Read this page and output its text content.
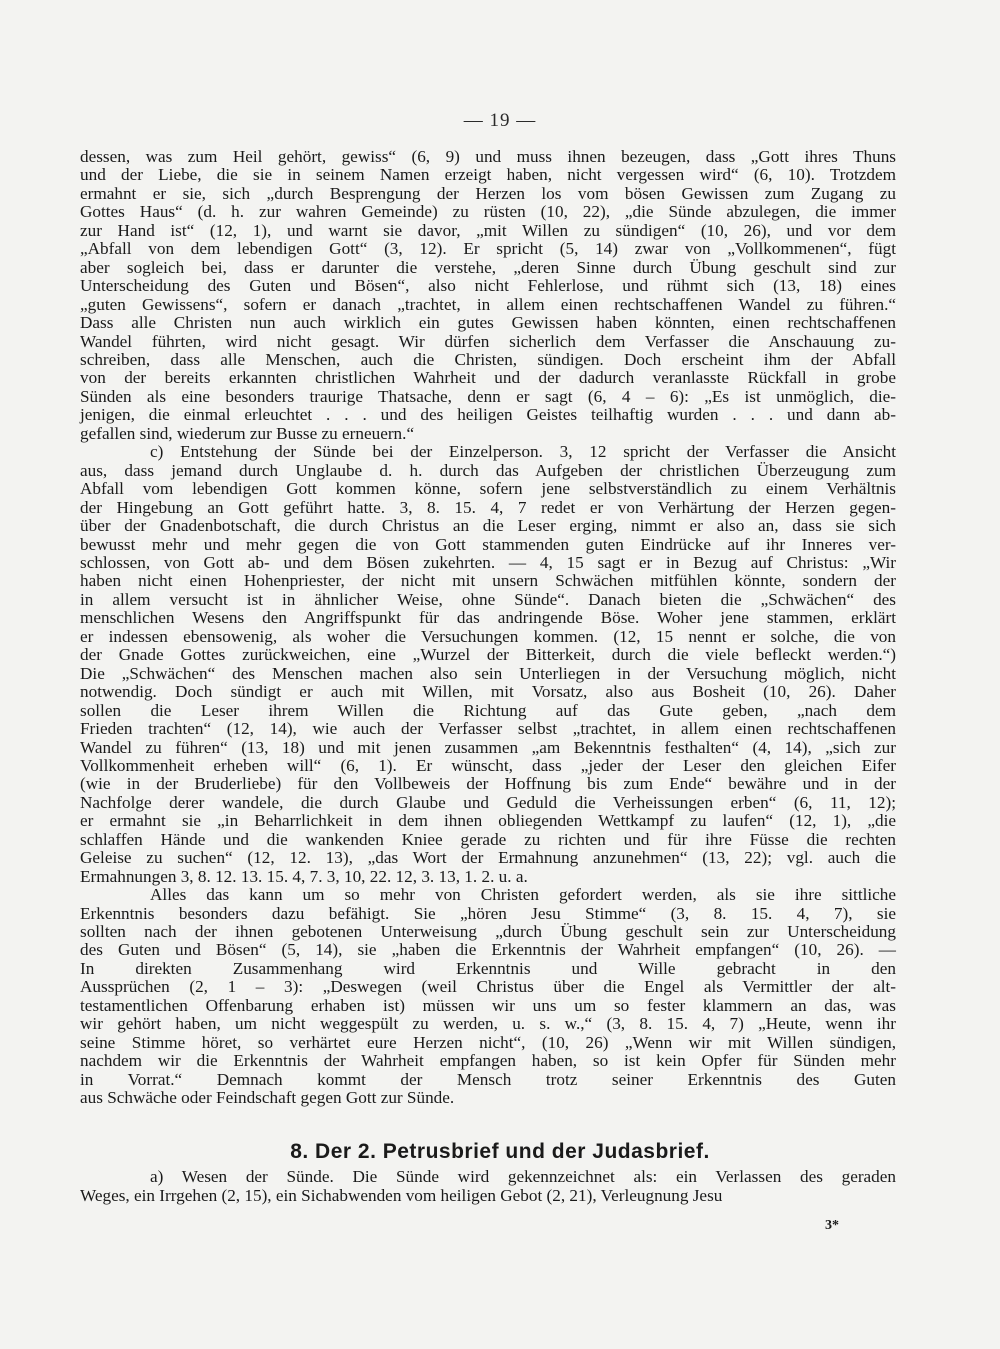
— 19 —
dessen, was zum Heil gehört, gewiss“ (6, 9) und muss ihnen bezeugen, dass „Gott ihres Thuns
und der Liebe, die sie in seinem Namen erzeigt haben, nicht vergessen wird“ (6, 10). Trotzdem
ermahnt er sie, sich „durch Besprengung der Herzen los vom bösen Gewissen zum Zugang zu
Gottes Haus“ (d. h. zur wahren Gemeinde) zu rüsten (10, 22), „die Sünde abzulegen, die immer
zur Hand ist“ (12, 1), und warnt sie davor, „mit Willen zu sündigen“ (10, 26), und vor dem
„Abfall von dem lebendigen Gott“ (3, 12). Er spricht (5, 14) zwar von „Vollkommenen“, fügt
aber sogleich bei, dass er darunter die verstehe, „deren Sinne durch Übung geschult sind zur
Unterscheidung des Guten und Bösen“, also nicht Fehlerlose, und rühmt sich (13, 18) eines
„guten Gewissens“, sofern er danach „trachtet, in allem einen rechtschaffenen Wandel zu führen.“
Dass alle Christen nun auch wirklich ein gutes Gewissen haben könnten, einen rechtschaffenen
Wandel führten, wird nicht gesagt. Wir dürfen sicherlich dem Verfasser die Anschauung zu-
schreiben, dass alle Menschen, auch die Christen, sündigen. Doch erscheint ihm der Abfall
von der bereits erkannten christlichen Wahrheit und der dadurch veranlasste Rückfall in grobe
Sünden als eine besonders traurige Thatsache, denn er sagt (6, 4 – 6): „Es ist unmöglich, die-
jenigen, die einmal erleuchtet . . . und des heiligen Geistes teilhaftig wurden . . . und dann ab-
gefallen sind, wiederum zur Busse zu erneuern.“
c) Entstehung der Sünde bei der Einzelperson. 3, 12 spricht der Verfasser die Ansicht
aus, dass jemand durch Unglaube d. h. durch das Aufgeben der christlichen Überzeugung zum
Abfall vom lebendigen Gott kommen könne, sofern jene selbstverständlich zu einem Verhältnis
der Hingebung an Gott geführt hatte. 3, 8. 15. 4, 7 redet er von Verhärtung der Herzen gegen-
über der Gnadenbotschaft, die durch Christus an die Leser erging, nimmt er also an, dass sie sich
bewusst mehr und mehr gegen die von Gott stammenden guten Eindrücke auf ihr Inneres ver-
schlossen, von Gott ab- und dem Bösen zukehrten. — 4, 15 sagt er in Bezug auf Christus: „Wir
haben nicht einen Hohenpriester, der nicht mit unsern Schwächen mitfühlen könnte, sondern der
in allem versucht ist in ähnlicher Weise, ohne Sünde“. Danach bieten die „Schwächen“ des
menschlichen Wesens den Angriffspunkt für das andringende Böse. Woher jene stammen, erklärt
er indessen ebensowenig, als woher die Versuchungen kommen. (12, 15 nennt er solche, die von
der Gnade Gottes zurückweichen, eine „Wurzel der Bitterkeit, durch die viele befleckt werden.“)
Die „Schwächen“ des Menschen machen also sein Unterliegen in der Versuchung möglich, nicht
notwendig. Doch sündigt er auch mit Willen, mit Vorsatz, also aus Bosheit (10, 26). Daher
sollen die Leser ihrem Willen die Richtung auf das Gute geben, „nach dem
Frieden trachten“ (12, 14), wie auch der Verfasser selbst „trachtet, in allem einen rechtschaffenen
Wandel zu führen“ (13, 18) und mit jenen zusammen „am Bekenntnis festhalten“ (4, 14), „sich zur
Vollkommenheit erheben will“ (6, 1). Er wünscht, dass „jeder der Leser den gleichen Eifer
(wie in der Bruderliebe) für den Vollbeweis der Hoffnung bis zum Ende“ bewähre und in der
Nachfolge derer wandele, die durch Glaube und Geduld die Verheissungen erben“ (6, 11, 12);
er ermahnt sie „in Beharrlichkeit in dem ihnen obliegenden Wettkampf zu laufen“ (12, 1), „die
schlaffen Hände und die wankenden Kniee gerade zu richten und für ihre Füsse die rechten
Geleise zu suchen“ (12, 12. 13), „das Wort der Ermahnung anzunehmen“ (13, 22); vgl. auch die
Ermahnungen 3, 8. 12. 13. 15. 4, 7. 3, 10, 22. 12, 3. 13, 1. 2. u. a.
Alles das kann um so mehr von Christen gefordert werden, als sie ihre sittliche
Erkenntnis besonders dazu befähigt. Sie „hören Jesu Stimme“ (3, 8. 15. 4, 7), sie
sollten nach der ihnen gebotenen Unterweisung „durch Übung geschult sein zur Unterscheidung
des Guten und Bösen“ (5, 14), sie „haben die Erkenntnis der Wahrheit empfangen“ (10, 26). —
In direkten Zusammenhang wird Erkenntnis und Wille gebracht in den
Aussprüchen (2, 1 – 3): „Deswegen (weil Christus über die Engel als Vermittler der alt-
testamentlichen Offenbarung erhaben ist) müssen wir uns um so fester klammern an das, was
wir gehört haben, um nicht weggespült zu werden, u. s. w.,“ (3, 8. 15. 4, 7) „Heute, wenn ihr
seine Stimme höret, so verhärtet eure Herzen nicht“, (10, 26) „Wenn wir mit Willen sündigen,
nachdem wir die Erkenntnis der Wahrheit empfangen haben, so ist kein Opfer für Sünden mehr
in Vorrat.“ Demnach kommt der Mensch trotz seiner Erkenntnis des Guten
aus Schwäche oder Feindschaft gegen Gott zur Sünde.
8. Der 2. Petrusbrief und der Judasbrief.
a) Wesen der Sünde. Die Sünde wird gekennzeichnet als: ein Verlassen des geraden
Weges, ein Irrgehen (2, 15), ein Sichabwenden vom heiligen Gebot (2, 21), Verleugnung Jesu
3*
